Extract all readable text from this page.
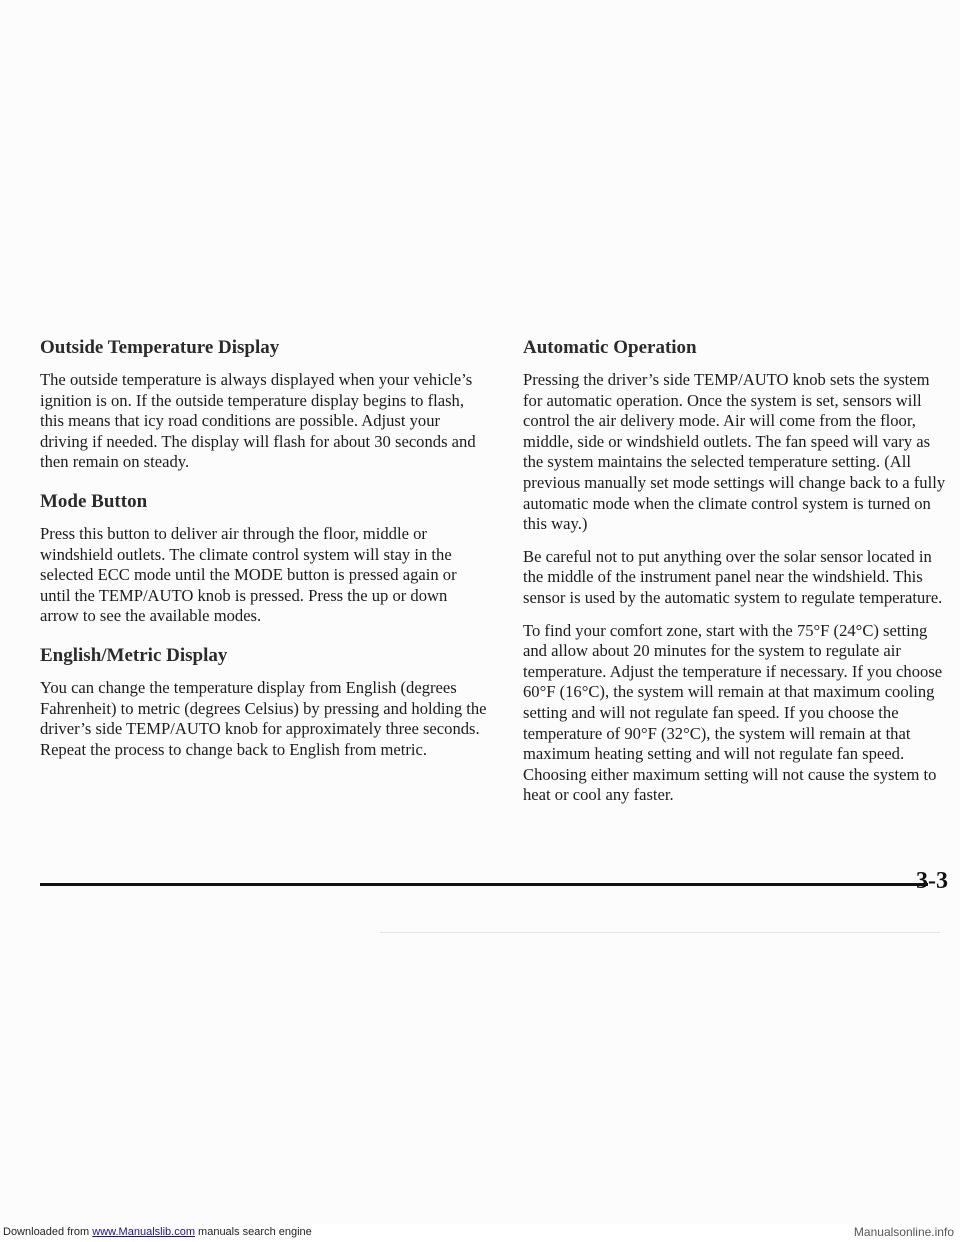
Outside Temperature Display

The outside temperature is always displayed when your vehicle’s ignition is on. If the outside temperature display begins to flash, this means that icy road conditions are possible. Adjust your driving if needed. The display will flash for about 30 seconds and then remain on steady.

Mode Button

Press this button to deliver air through the floor, middle or windshield outlets. The climate control system will stay in the selected ECC mode until the MODE button is pressed again or until the TEMP/AUTO knob is pressed. Press the up or down arrow to see the available modes.

English/Metric Display

You can change the temperature display from English (degrees Fahrenheit) to metric (degrees Celsius) by pressing and holding the driver’s side TEMP/AUTO knob for approximately three seconds. Repeat the process to change back to English from metric.

Automatic Operation

Pressing the driver’s side TEMP/AUTO knob sets the system for automatic operation. Once the system is set, sensors will control the air delivery mode. Air will come from the floor, middle, side or windshield outlets. The fan speed will vary as the system maintains the selected temperature setting. (All previous manually set mode settings will change back to a fully automatic mode when the climate control system is turned on this way.)

Be careful not to put anything over the solar sensor located in the middle of the instrument panel near the windshield. This sensor is used by the automatic system to regulate temperature.

To find your comfort zone, start with the 75°F (24°C) setting and allow about 20 minutes for the system to regulate air temperature. Adjust the temperature if necessary. If you choose 60°F (16°C), the system will remain at that maximum cooling setting and will not regulate fan speed. If you choose the temperature of 90°F (32°C), the system will remain at that maximum heating setting and will not regulate fan speed. Choosing either maximum setting will not cause the system to heat or cool any faster.

3-3
Downloaded from www.Manualslib.com manuals search engine	Manualsonline.info
